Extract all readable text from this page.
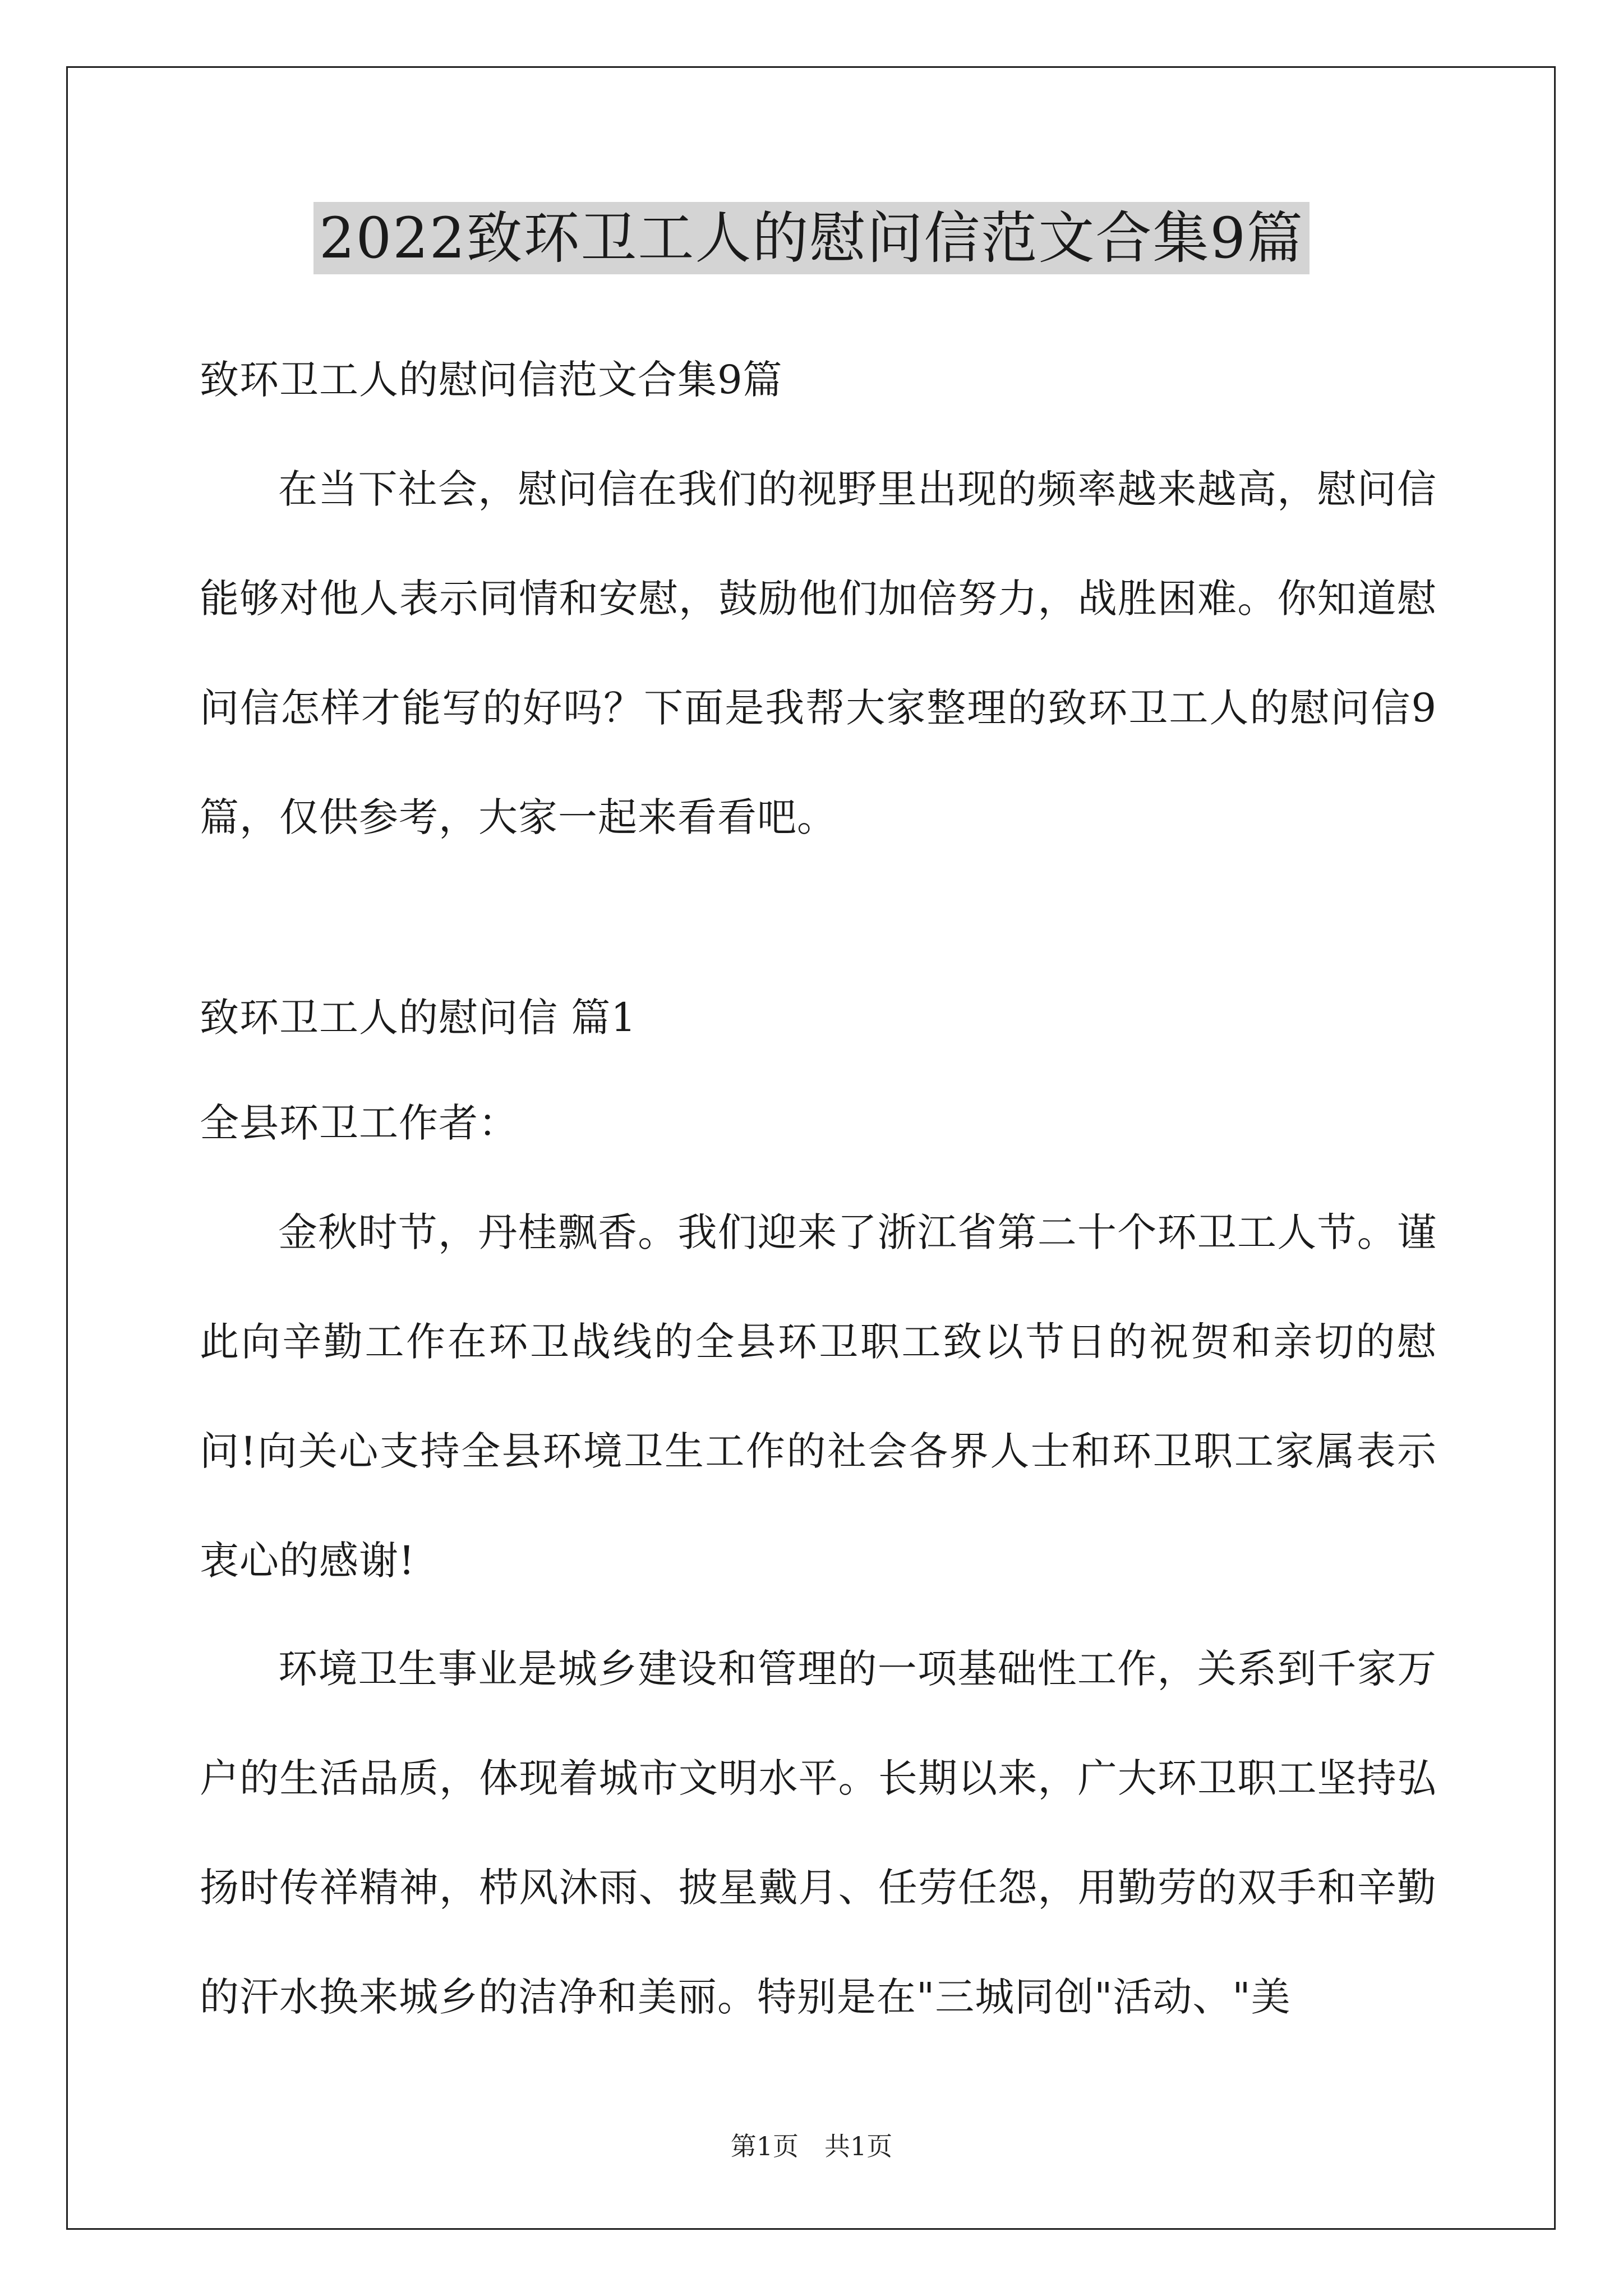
2022致环卫工人的慰问信范文合集9篇
致环卫工人的慰问信范文合集9篇
在当下社会，慰问信在我们的视野里出现的频率越来越高，慰问信能够对他人表示同情和安慰，鼓励他们加倍努力，战胜困难。你知道慰问信怎样才能写的好吗？下面是我帮大家整理的致环卫工人的慰问信9篇，仅供参考，大家一起来看看吧。
致环卫工人的慰问信 篇1
全县环卫工作者：
金秋时节，丹桂飘香。我们迎来了浙江省第二十个环卫工人节。谨此向辛勤工作在环卫战线的全县环卫职工致以节日的祝贺和亲切的慰问!向关心支持全县环境卫生工作的社会各界人士和环卫职工家属表示衷心的感谢!
环境卫生事业是城乡建设和管理的一项基础性工作，关系到千家万户的生活品质，体现着城市文明水平。长期以来，广大环卫职工坚持弘扬时传祥精神，栉风沐雨、披星戴月、任劳任怨，用勤劳的双手和辛勤的汗水换来城乡的洁净和美丽。特别是在"三城同创"活动、"美
第1页　共1页
